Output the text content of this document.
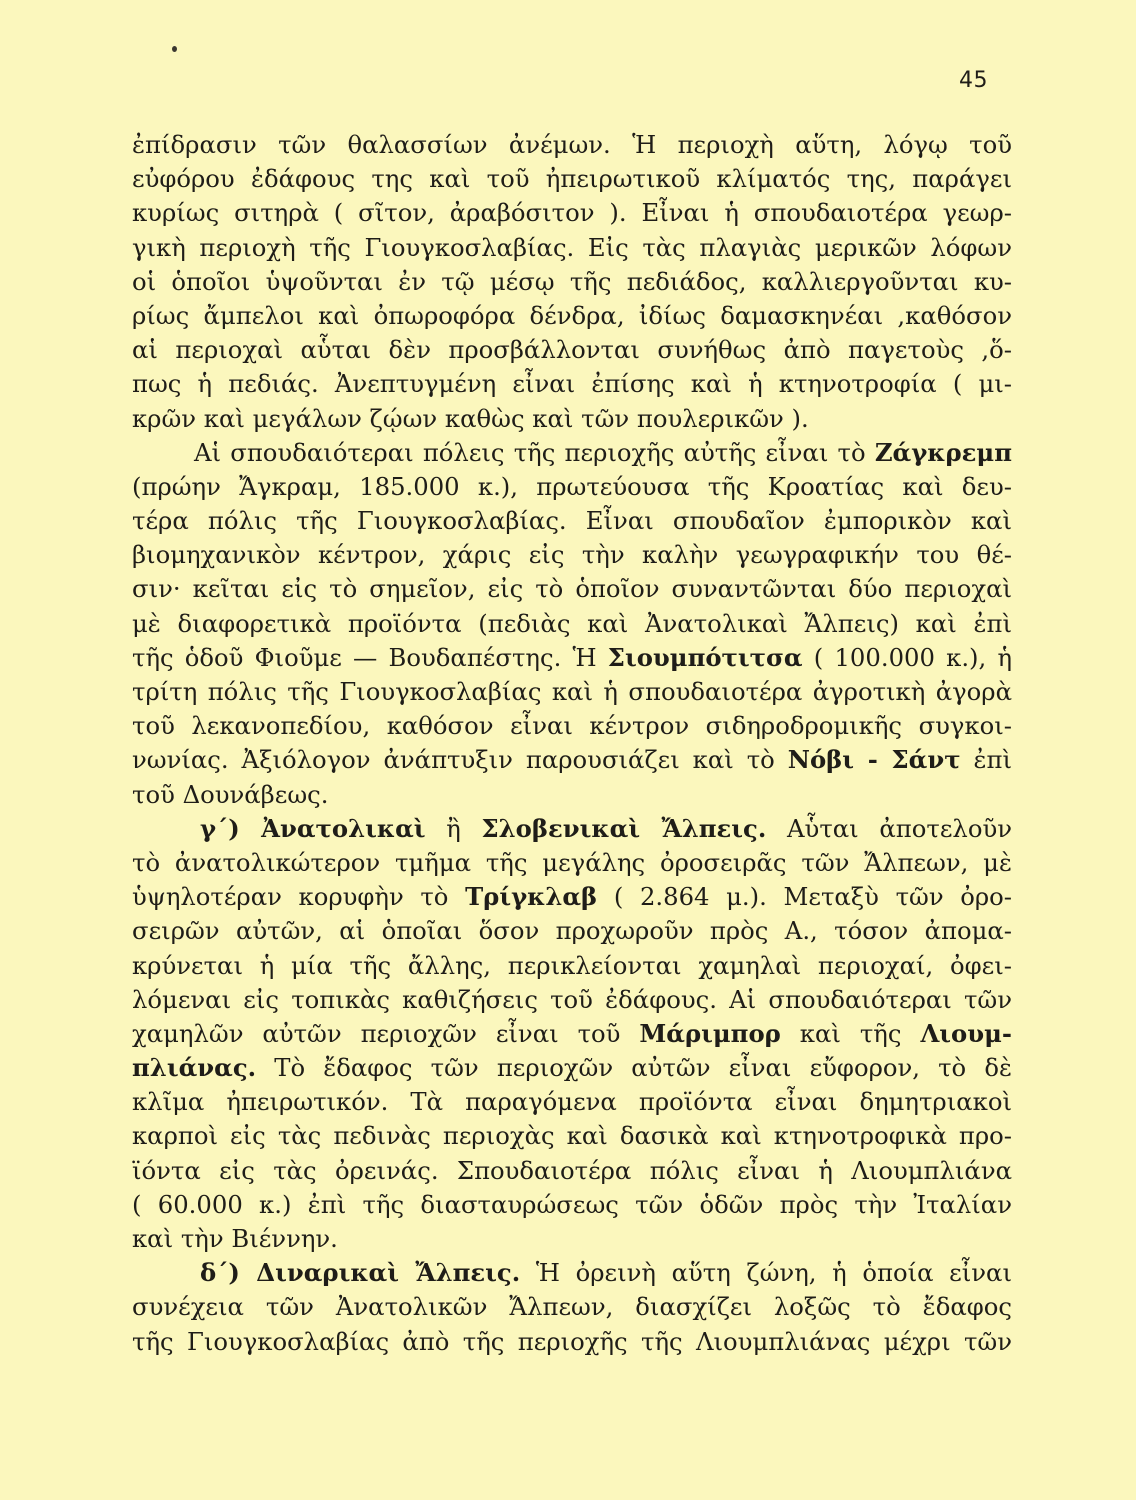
45
ἐπίδρασιν τῶν θαλασσίων ἀνέμων. Ἡ περιοχὴ αὕτη, λόγῳ τοῦ
εὐφόρου ἐδάφους της καὶ τοῦ ἠπειρωτικοῦ κλίματός της, παράγει
κυρίως σιτηρὰ ( σῖτον, ἀραβόσιτον ). Εἶναι ἡ σπουδαιοτέρα γεωρ-
γικὴ περιοχὴ τῆς Γιουγκοσλαβίας. Εἰς τὰς πλαγιὰς μερικῶν λόφων
οἱ ὁποῖοι ὑψοῦνται ἐν τῷ μέσῳ τῆς πεδιάδος, καλλιεργοῦνται κυ-
ρίως ἄμπελοι καὶ ὀπωροφόρα δένδρα, ἰδίως δαμασκηνέαι ,καθόσον
αἱ περιοχαὶ αὗται δὲν προσβάλλονται συνήθως ἀπὸ παγετοὺς ,ὅ-
πως ἡ πεδιάς. Ἀνεπτυγμένη εἶναι ἐπίσης καὶ ἡ κτηνοτροφία ( μι-
κρῶν καὶ μεγάλων ζῴων καθὼς καὶ τῶν πουλερικῶν ).
Αἱ σπουδαιότεραι πόλεις τῆς περιοχῆς αὐτῆς εἶναι τὸ Ζάγκρεμπ
(πρώην Ἄγκραμ, 185.000 κ.), πρωτεύουσα τῆς Κροατίας καὶ δευ-
τέρα πόλις τῆς Γιουγκοσλαβίας. Εἶναι σπουδαῖον ἐμπορικὸν καὶ
βιομηχανικὸν κέντρον, χάρις εἰς τὴν καλὴν γεωγραφικήν του θέ-
σιν· κεῖται εἰς τὸ σημεῖον, εἰς τὸ ὁποῖον συναντῶνται δύο περιοχαὶ
μὲ διαφορετικὰ προϊόντα (πεδιὰς καὶ Ἀνατολικαὶ Ἄλπεις) καὶ ἐπὶ
τῆς ὁδοῦ Φιοῦμε — Βουδαπέστης. Ἡ Σιουμπότιτσα ( 100.000 κ.), ἡ
τρίτη πόλις τῆς Γιουγκοσλαβίας καὶ ἡ σπουδαιοτέρα ἀγροτικὴ ἀγορὰ
τοῦ λεκανοπεδίου, καθόσον εἶναι κέντρον σιδηροδρομικῆς συγκοι-
νωνίας. Ἀξιόλογον ἀνάπτυξιν παρουσιάζει καὶ τὸ Νόβι - Σάντ ἐπὶ
τοῦ Δουνάβεως.
γ΄) Ἀνατολικαὶ ἢ Σλοβενικαὶ Ἄλπεις. Αὗται ἀποτελοῦν
τὸ ἀνατολικώτερον τμῆμα τῆς μεγάλης ὀροσειρᾶς τῶν Ἄλπεων, μὲ
ὑψηλοτέραν κορυφὴν τὸ Τρίγκλαβ ( 2.864 μ.). Μεταξὺ τῶν ὀρο-
σειρῶν αὐτῶν, αἱ ὁποῖαι ὅσον προχωροῦν πρὸς Α., τόσον ἀπομα-
κρύνεται ἡ μία τῆς ἄλλης, περικλείονται χαμηλαὶ περιοχαί, ὀφει-
λόμεναι εἰς τοπικὰς καθιζήσεις τοῦ ἐδάφους. Αἱ σπουδαιότεραι τῶν
χαμηλῶν αὐτῶν περιοχῶν εἶναι τοῦ Μάριμπορ καὶ τῆς Λιουμ-
πλιάνας. Τὸ ἔδαφος τῶν περιοχῶν αὐτῶν εἶναι εὔφορον, τὸ δὲ
κλῖμα ἠπειρωτικόν. Τὰ παραγόμενα προϊόντα εἶναι δημητριακοὶ
καρποὶ εἰς τὰς πεδινὰς περιοχὰς καὶ δασικὰ καὶ κτηνοτροφικὰ προ-
ϊόντα εἰς τὰς ὀρεινάς. Σπουδαιοτέρα πόλις εἶναι ἡ Λιουμπλιάνα
( 60.000 κ.) ἐπὶ τῆς διασταυρώσεως τῶν ὁδῶν πρὸς τὴν Ἰταλίαν
καὶ τὴν Βιέννην.
δ΄) Διναρικαὶ Ἄλπεις. Ἡ ὀρεινὴ αὕτη ζώνη, ἡ ὁποία εἶναι
συνέχεια τῶν Ἀνατολικῶν Ἄλπεων, διασχίζει λοξῶς τὸ ἔδαφος
τῆς Γιουγκοσλαβίας ἀπὸ τῆς περιοχῆς τῆς Λιουμπλιάνας μέχρι τῶν
